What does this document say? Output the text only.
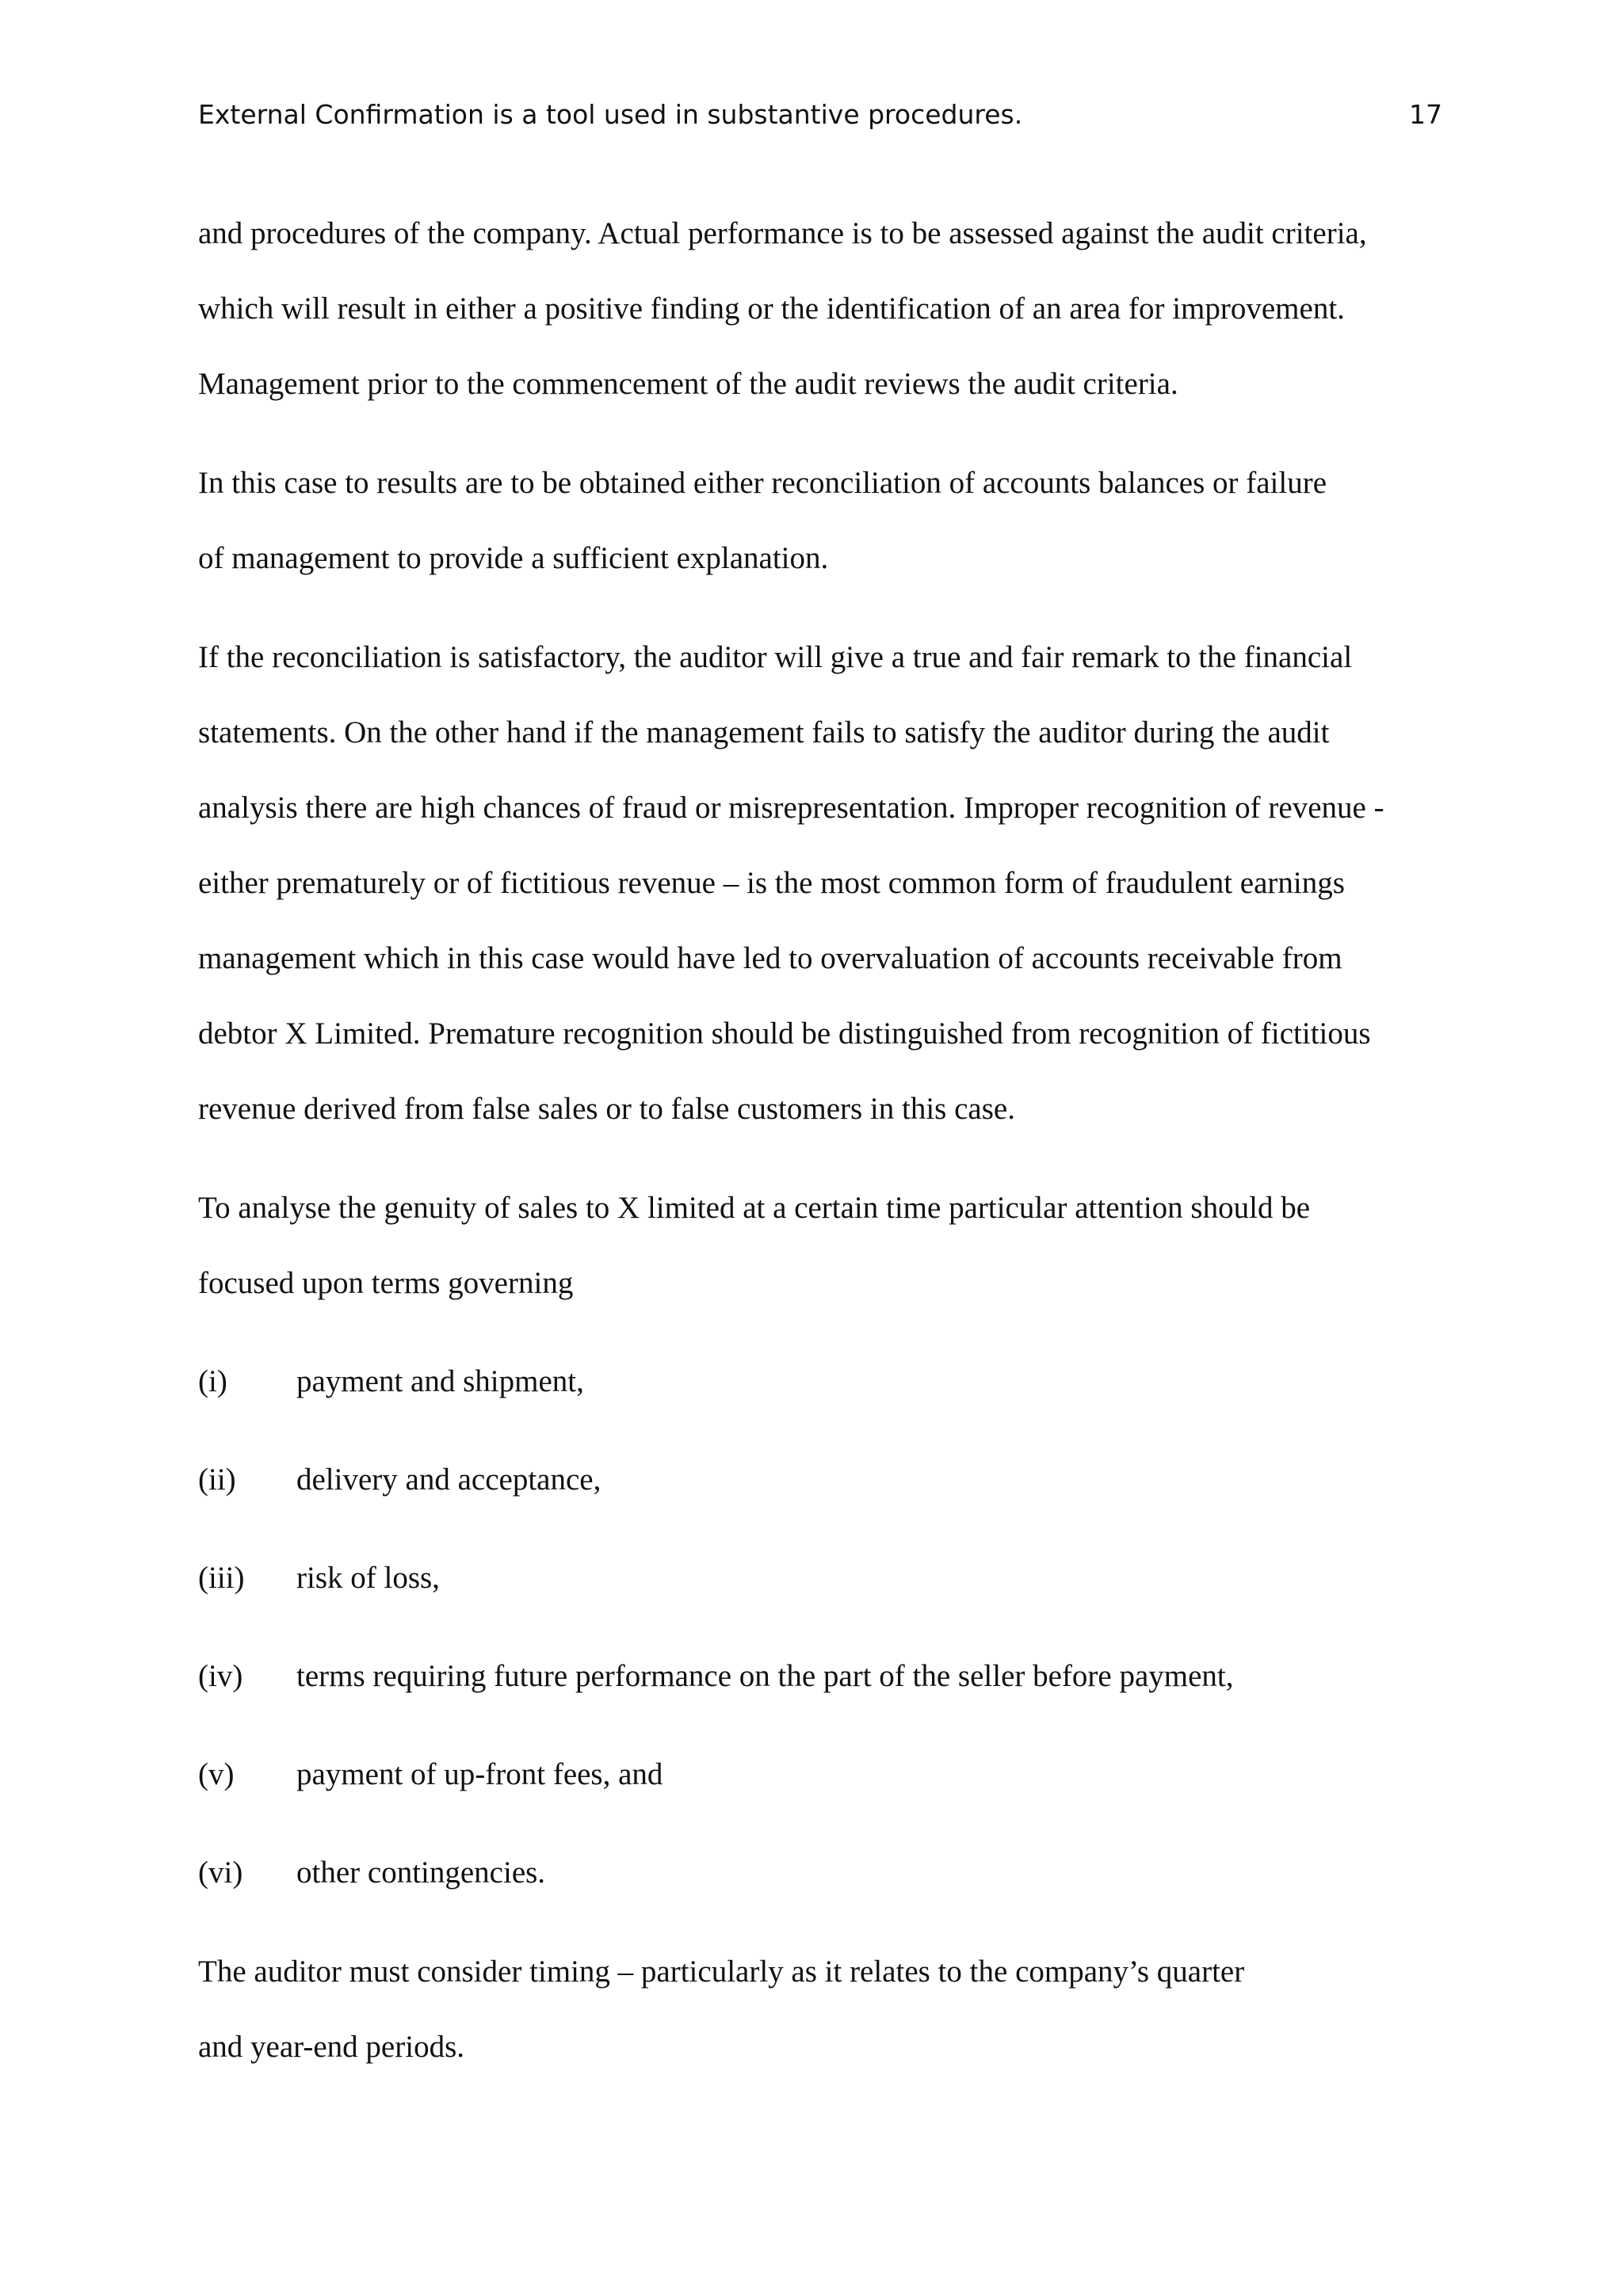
External Confirmation is a tool used in substantive procedures.	17

and procedures of the company. Actual performance is to be assessed against the audit criteria,
which will result in either a positive finding or the identification of an area for improvement.
Management prior to the commencement of the audit reviews the audit criteria.

In this case to results are to be obtained either reconciliation of accounts balances or failure
of management to provide a sufficient explanation.

If the reconciliation is satisfactory, the auditor will give a true and fair remark to the financial
statements. On the other hand if the management fails to satisfy the auditor during the audit
analysis there are high chances of fraud or misrepresentation. Improper recognition of revenue -
either prematurely or of fictitious revenue – is the most common form of fraudulent earnings
management which in this case would have led to overvaluation of accounts receivable from
debtor X Limited. Premature recognition should be distinguished from recognition of fictitious
revenue derived from false sales or to false customers in this case.

To analyse the genuity of sales to X limited at a certain time particular attention should be
focused upon terms governing

(i) payment and shipment,
(ii) delivery and acceptance,
(iii) risk of loss,
(iv) terms requiring future performance on the part of the seller before payment,
(v) payment of up-front fees, and
(vi) other contingencies.

The auditor must consider timing – particularly as it relates to the company’s quarter
and year-end periods.
